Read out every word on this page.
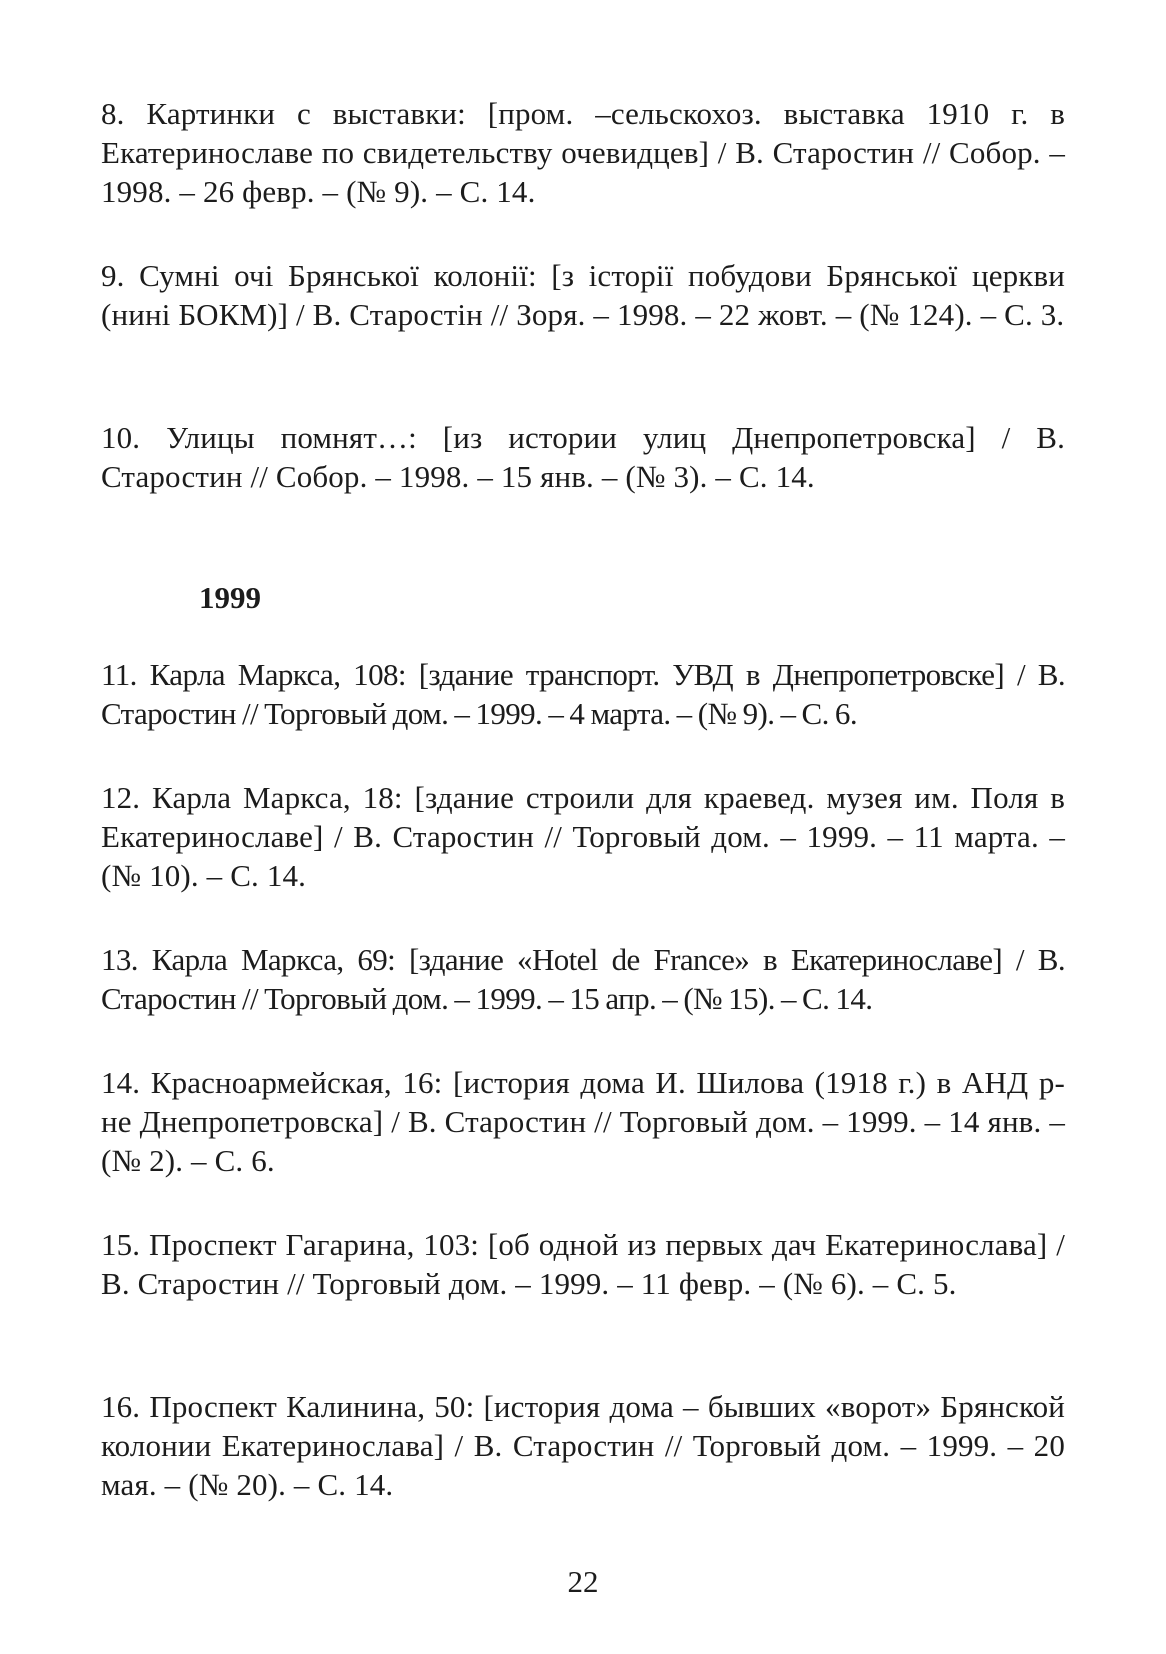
8. Картинки с выставки: [пром. –сельскохоз. выставка 1910 г. в Екатеринославе по свидетельству очевидцев] / В. Старостин // Собор. – 1998. – 26 февр. – (№ 9). – С. 14.

9. Сумні очі Брянської колонії: [з історії побудови Брянської церкви (нині БОКМ)] / В. Старостін // Зоря. – 1998. – 22 жовт. – (№ 124). – С. 3.

10. Улицы помнят…: [из истории улиц Днепропетровска] / В. Старостин // Собор. – 1998. – 15 янв. – (№ 3). – С. 14.

1999

11. Карла Маркса, 108: [здание транспорт. УВД в Днепропетровске] / В. Старостин // Торговый дом. – 1999. – 4 марта. – (№ 9). – С. 6.

12. Карла Маркса, 18: [здание строили для краевед. музея им. Поля в Екатеринославе] / В. Старостин // Торговый дом. – 1999. – 11 марта. – (№ 10). – С. 14.

13. Карла Маркса, 69: [здание «Hotel de France» в Екатеринославе] / В. Старостин // Торговый дом. – 1999. – 15 апр. – (№ 15). – С. 14.

14. Красноармейская, 16: [история дома И. Шилова (1918 г.) в АНД р-не Днепропетровска] / В. Старостин // Торговый дом. – 1999. – 14 янв. – (№ 2). – С. 6.

15. Проспект Гагарина, 103: [об одной из первых дач Екатеринослава] / В. Старостин // Торговый дом. – 1999. – 11 февр. – (№ 6). – С. 5.

16. Проспект Калинина, 50: [история дома – бывших «ворот» Брянской колонии Екатеринослава] / В. Старостин // Торговый дом. – 1999. – 20 мая. – (№ 20). – С. 14.

22
